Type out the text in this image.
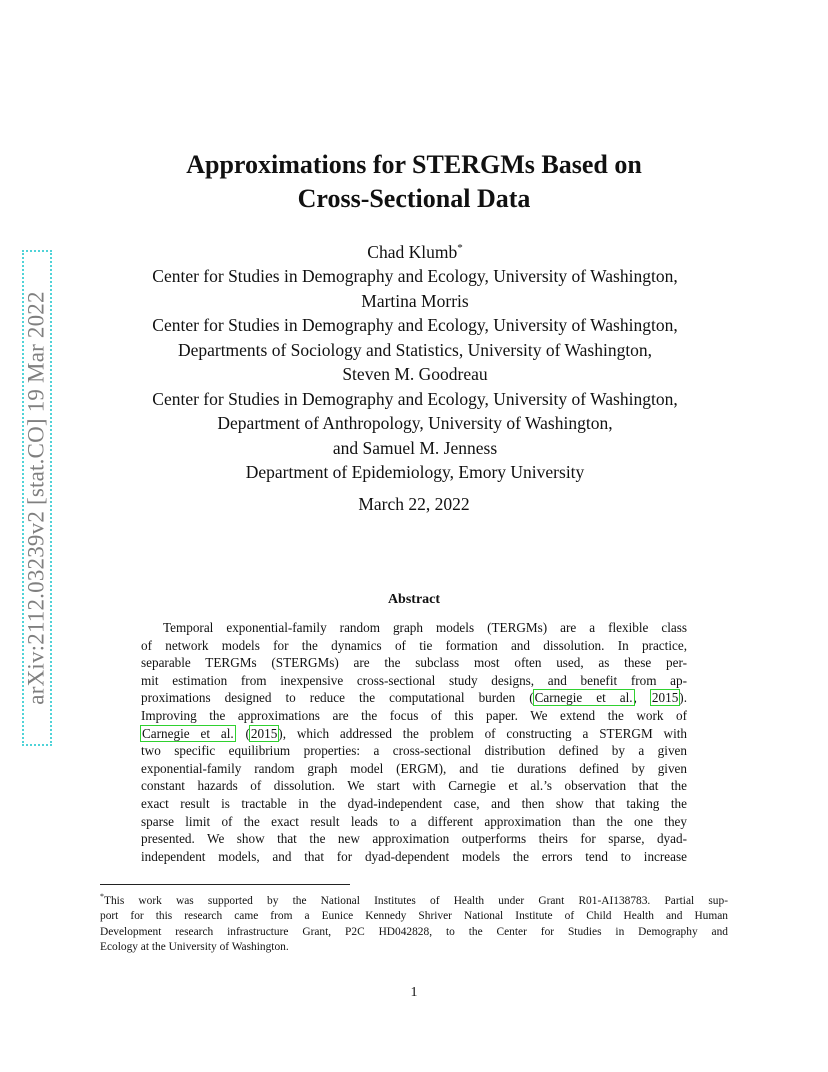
arXiv:2112.03239v2 [stat.CO] 19 Mar 2022
Approximations for STERGMs Based on
Cross-Sectional Data
Chad Klumb*
Center for Studies in Demography and Ecology, University of Washington,
Martina Morris
Center for Studies in Demography and Ecology, University of Washington,
Departments of Sociology and Statistics, University of Washington,
Steven M. Goodreau
Center for Studies in Demography and Ecology, University of Washington,
Department of Anthropology, University of Washington,
and Samuel M. Jenness
Department of Epidemiology, Emory University
March 22, 2022
Abstract
Temporal exponential-family random graph models (TERGMs) are a flexible class
of network models for the dynamics of tie formation and dissolution. In practice,
separable TERGMs (STERGMs) are the subclass most often used, as these per-
mit estimation from inexpensive cross-sectional study designs, and benefit from ap-
proximations designed to reduce the computational burden (Carnegie et al., 2015).
Improving the approximations are the focus of this paper. We extend the work of
Carnegie et al. (2015), which addressed the problem of constructing a STERGM with
two specific equilibrium properties: a cross-sectional distribution defined by a given
exponential-family random graph model (ERGM), and tie durations defined by given
constant hazards of dissolution. We start with Carnegie et al.’s observation that the
exact result is tractable in the dyad-independent case, and then show that taking the
sparse limit of the exact result leads to a different approximation than the one they
presented. We show that the new approximation outperforms theirs for sparse, dyad-
independent models, and that for dyad-dependent models the errors tend to increase
*This work was supported by the National Institutes of Health under Grant R01-AI138783. Partial sup-
port for this research came from a Eunice Kennedy Shriver National Institute of Child Health and Human
Development research infrastructure Grant, P2C HD042828, to the Center for Studies in Demography and
Ecology at the University of Washington.
1
